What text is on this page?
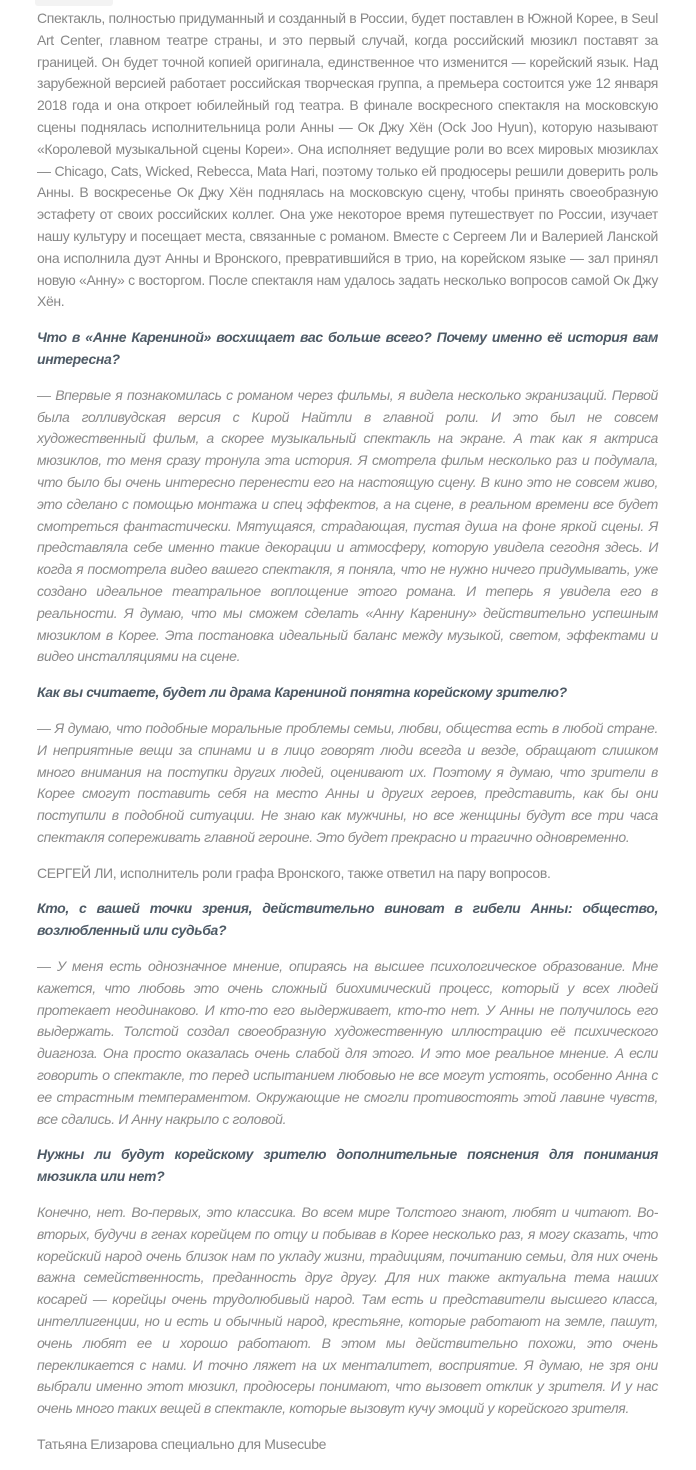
Спектакль, полностью придуманный и созданный в России, будет поставлен в Южной Корее, в Seul Art Center, главном театре страны, и это первый случай, когда российский мюзикл поставят за границей. Он будет точной копией оригинала, единственное что изменится — корейский язык. Над зарубежной версией работает российская творческая группа, а премьера состоится уже 12 января 2018 года и она откроет юбилейный год театра. В финале воскресного спектакля на московскую сцены поднялась исполнительница роли Анны — Ок Джу Хён (Ock Joo Hyun), которую называют «Королевой музыкальной сцены Кореи». Она исполняет ведущие роли во всех мировых мюзиклах — Chicago, Cats, Wicked, Rebecca, Mata Hari, поэтому только ей продюсеры решили доверить роль Анны. В воскресенье Ок Джу Хён поднялась на московскую сцену, чтобы принять своеобразную эстафету от своих российских коллег. Она уже некоторое время путешествует по России, изучает нашу культуру и посещает места, связанные с романом. Вместе с Сергеем Ли и Валерией Ланской она исполнила дуэт Анны и Вронского, превратившийся в трио, на корейском языке — зал принял новую «Анну» с восторгом. После спектакля нам удалось задать несколько вопросов самой Ок Джу Хён.

Что в «Анне Карениной» восхищает вас больше всего? Почему именно её история вам интересна?

— Впервые я познакомилась с романом через фильмы, я видела несколько экранизаций. Первой была голливудская версия с Кирой Найтли в главной роли. И это был не совсем художественный фильм, а скорее музыкальный спектакль на экране. А так как я актриса мюзиклов, то меня сразу тронула эта история. Я смотрела фильм несколько раз и подумала, что было бы очень интересно перенести его на настоящую сцену. В кино это не совсем живо, это сделано с помощью монтажа и спец эффектов, а на сцене, в реальном времени все будет смотреться фантастически. Мятущаяся, страдающая, пустая душа на фоне яркой сцены. Я представляла себе именно такие декорации и атмосферу, которую увидела сегодня здесь. И когда я посмотрела видео вашего спектакля, я поняла, что не нужно ничего придумывать, уже создано идеальное театральное воплощение этого романа. И теперь я увидела его в реальности. Я думаю, что мы сможем сделать «Анну Каренину» действительно успешным мюзиклом в Корее. Эта постановка идеальный баланс между музыкой, светом, эффектами и видео инсталляциями на сцене.

Как вы считаете, будет ли драма Карениной понятна корейскому зрителю?

— Я думаю, что подобные моральные проблемы семьи, любви, общества есть в любой стране. И неприятные вещи за спинами и в лицо говорят люди всегда и везде, обращают слишком много внимания на поступки других людей, оценивают их. Поэтому я думаю, что зрители в Корее смогут поставить себя на место Анны и других героев, представить, как бы они поступили в подобной ситуации. Не знаю как мужчины, но все женщины будут все три часа спектакля сопереживать главной героине. Это будет прекрасно и трагично одновременно.

СЕРГЕЙ ЛИ, исполнитель роли графа Вронского, также ответил на пару вопросов.

Кто, с вашей точки зрения, действительно виноват в гибели Анны: общество, возлюбленный или судьба?

— У меня есть однозначное мнение, опираясь на высшее психологическое образование. Мне кажется, что любовь это очень сложный биохимический процесс, который у всех людей протекает неодинаково. И кто-то его выдерживает, кто-то нет. У Анны не получилось его выдержать. Толстой создал своеобразную художественную иллюстрацию её психического диагноза. Она просто оказалась очень слабой для этого. И это мое реальное мнение. А если говорить о спектакле, то перед испытанием любовью не все могут устоять, особенно Анна с ее страстным темпераментом. Окружающие не смогли противостоять этой лавине чувств, все сдались. И Анну накрыло с головой.

Нужны ли будут корейскому зрителю дополнительные пояснения для понимания мюзикла или нет?

Конечно, нет. Во-первых, это классика. Во всем мире Толстого знают, любят и читают. Во-вторых, будучи в генах корейцем по отцу и побывав в Корее несколько раз, я могу сказать, что корейский народ очень близок нам по укладу жизни, традициям, почитанию семьи, для них очень важна семейственность, преданность друг другу. Для них также актуальна тема наших косарей — корейцы очень трудолюбивый народ. Там есть и представители высшего класса, интеллигенции, но и есть и обычный народ, крестьяне, которые работают на земле, пашут, очень любят ее и хорошо работают. В этом мы действительно похожи, это очень перекликается с нами. И точно ляжет на их менталитет, восприятие. Я думаю, не зря они выбрали именно этот мюзикл, продюсеры понимают, что вызовет отклик у зрителя. И у нас очень много таких вещей в спектакле, которые вызовут кучу эмоций у корейского зрителя.

Татьяна Елизарова специально для Musecube
